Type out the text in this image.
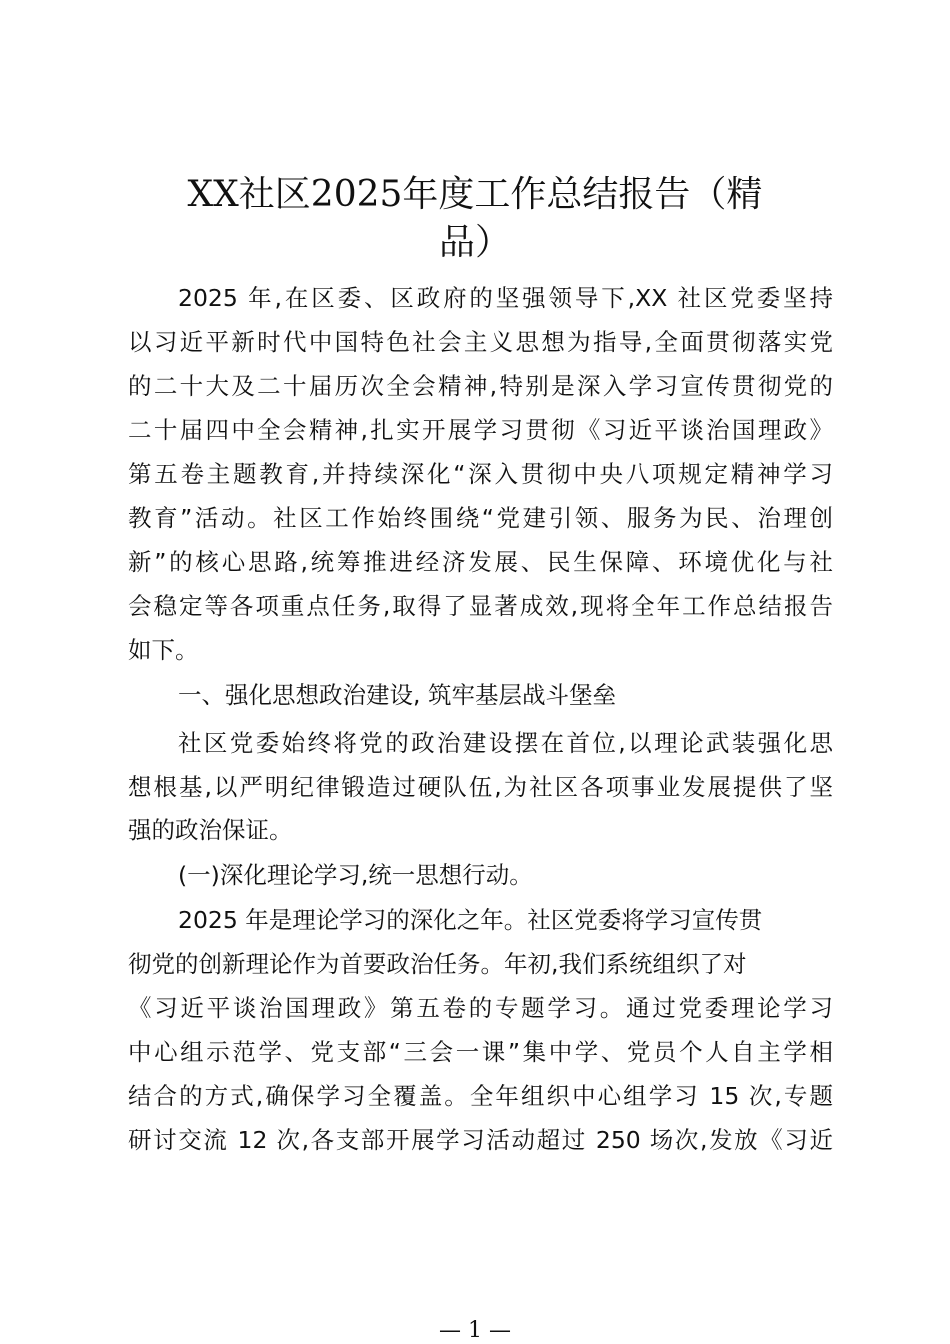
XX社区2025年度工作总结报告（精
品）
2025 年,在区委、区政府的坚强领导下,XX 社区党委坚持
以习近平新时代中国特色社会主义思想为指导,全面贯彻落实党
的二十大及二十届历次全会精神,特别是深入学习宣传贯彻党的
二十届四中全会精神,扎实开展学习贯彻《习近平谈治国理政》
第五卷主题教育,并持续深化“深入贯彻中央八项规定精神学习
教育”活动。社区工作始终围绕“党建引领、服务为民、治理创
新”的核心思路,统筹推进经济发展、民生保障、环境优化与社
会稳定等各项重点任务,取得了显著成效,现将全年工作总结报告
如下。
一、强化思想政治建设, 筑牢基层战斗堡垒
社区党委始终将党的政治建设摆在首位,以理论武装强化思
想根基,以严明纪律锻造过硬队伍,为社区各项事业发展提供了坚
强的政治保证。
(一)深化理论学习,统一思想行动。
2025 年是理论学习的深化之年。社区党委将学习宣传贯
彻党的创新理论作为首要政治任务。年初,我们系统组织了对
《习近平谈治国理政》第五卷的专题学习。通过党委理论学习
中心组示范学、党支部“三会一课”集中学、党员个人自主学相
结合的方式,确保学习全覆盖。全年组织中心组学习 15 次,专题
研讨交流 12 次,各支部开展学习活动超过 250 场次,发放《习近
— 1 —
